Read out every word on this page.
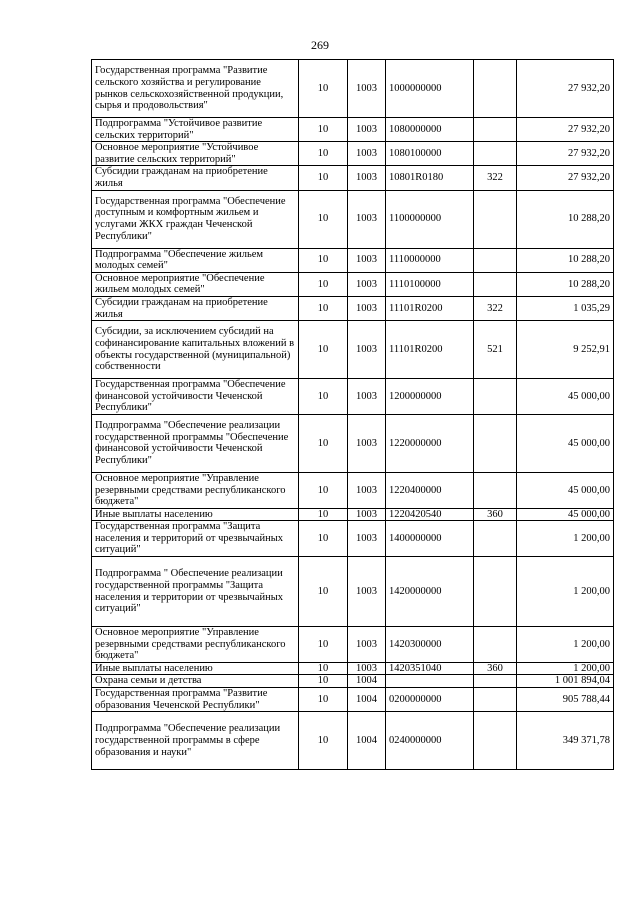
269
Государственная программа "Развитие сельского хозяйства и регулирование рынков сельскохозяйственной продукции, сырья и продовольствия"	10	1003	1000000000		27 932,20
Подпрограмма "Устойчивое развитие сельских территорий"	10	1003	1080000000		27 932,20
Основное мероприятие "Устойчивое развитие сельских территорий"	10	1003	1080100000		27 932,20
Субсидии гражданам на приобретение жилья	10	1003	10801R0180	322	27 932,20
Государственная программа "Обеспечение доступным и комфортным жильем и услугами ЖКХ граждан Чеченской Республики"	10	1003	1100000000		10 288,20
Подпрограмма "Обеспечение жильем молодых семей"	10	1003	1110000000		10 288,20
Основное мероприятие "Обеспечение жильем молодых семей"	10	1003	1110100000		10 288,20
Субсидии гражданам на приобретение жилья	10	1003	11101R0200	322	1 035,29
Субсидии, за исключением субсидий на софинансирование капитальных вложений в объекты государственной (муниципальной) собственности	10	1003	11101R0200	521	9 252,91
Государственная программа "Обеспечение финансовой устойчивости Чеченской Республики"	10	1003	1200000000		45 000,00
Подпрограмма "Обеспечение реализации государственной программы "Обеспечение финансовой устойчивости Чеченской Республики"	10	1003	1220000000		45 000,00
Основное мероприятие "Управление резервными средствами республиканского бюджета"	10	1003	1220400000		45 000,00
Иные выплаты населению	10	1003	1220420540	360	45 000,00
Государственная программа "Защита населения и территорий от чрезвычайных ситуаций"	10	1003	1400000000		1 200,00
Подпрограмма " Обеспечение реализации государственной программы "Защита населения и территории от чрезвычайных ситуаций"	10	1003	1420000000		1 200,00
Основное мероприятие "Управление резервными средствами республиканского бюджета"	10	1003	1420300000		1 200,00
Иные выплаты населению	10	1003	1420351040	360	1 200,00
Охрана семьи и детства	10	1004			1 001 894,04
Государственная программа "Развитие образования Чеченской Республики"	10	1004	0200000000		905 788,44
Подпрограмма "Обеспечение реализации государственной программы в сфере образования и науки"	10	1004	0240000000		349 371,78
